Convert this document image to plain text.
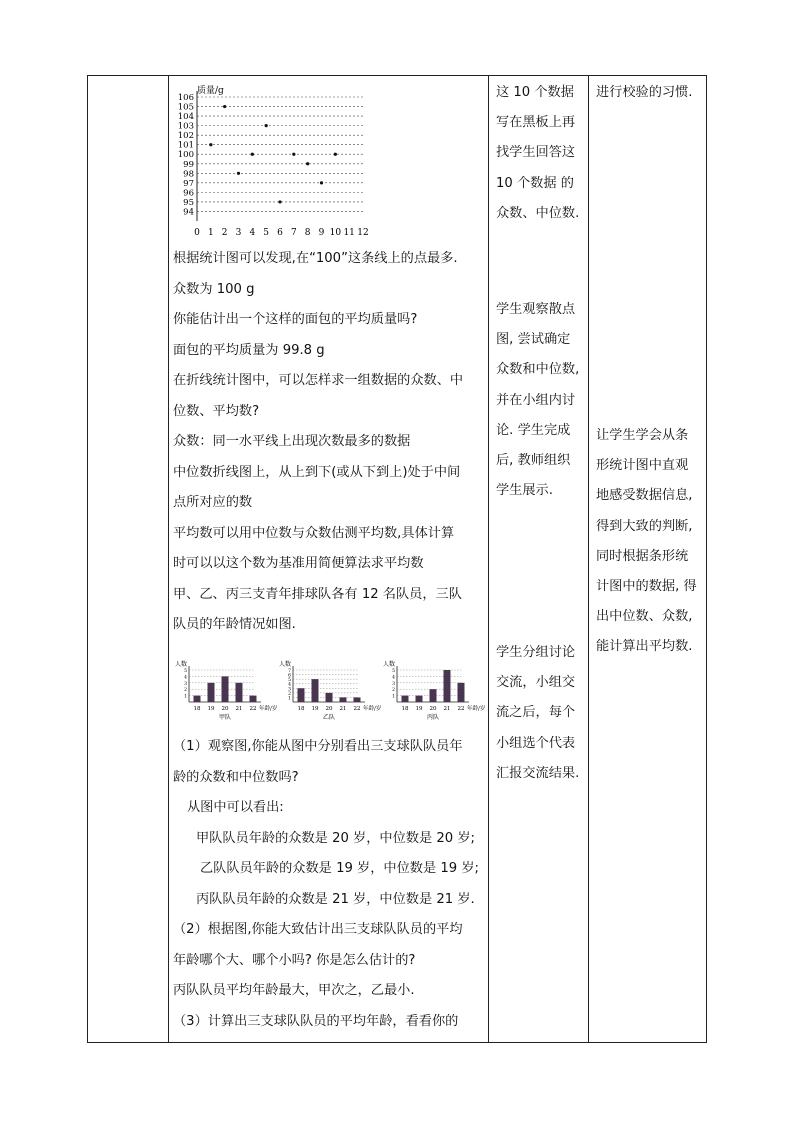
质量/g
94
95
96
97
98
99
100
101
102
103
104
105
106
0 1 2 3 4 5 6 7 8 9 10 11 12

根据统计图可以发现,在“100”这条线上的点最多.

众数为 100 g

你能估计出一个这样的面包的平均质量吗?

面包的平均质量为 99.8 g

在折线统计图中，可以怎样求一组数据的众数、中

位数、平均数?

众数：同一水平线上出现次数最多的数据

中位数折线图上，从上到下(或从下到上)处于中间

点所对应的数

平均数可以用中位数与众数估测平均数,具体计算

时可以以这个数为基准用简便算法求平均数

甲、乙、丙三支青年排球队各有 12 名队员，三队

队员的年龄情况如图.

人数
1
2
3
4
5
18 19 20 21 22 年龄/岁
甲队
人数
1
2
3
4
5
6
7
18 19 20 21 22 年龄/岁
乙队
人数
1
2
3
4
5
18 19 20 21 22 年龄/岁
丙队

（1）观察图,你能从图中分别看出三支球队队员年

龄的众数和中位数吗?

从图中可以看出:

甲队队员年龄的众数是 20 岁，中位数是 20 岁;

乙队队员年龄的众数是 19 岁，中位数是 19 岁;

丙队队员年龄的众数是 21 岁，中位数是 21 岁.

（2）根据图,你能大致估计出三支球队队员的平均

年龄哪个大、哪个小吗? 你是怎么估计的?

丙队队员平均年龄最大，甲次之，乙最小.

（3）计算出三支球队队员的平均年龄，看看你的

这 10 个数据

写在黑板上再

找学生回答这

10 个数据 的

众数、中位数.

学生观察散点

图, 尝试确定

众数和中位数,

并在小组内讨

论. 学生完成

后, 教师组织

学生展示.

学生分组讨论

交流，小组交

流之后，每个

小组选个代表

汇报交流结果.

进行校验的习惯.

让学生学会从条

形统计图中直观

地感受数据信息,

得到大致的判断,

同时根据条形统

计图中的数据, 得

出中位数、众数,

能计算出平均数.
